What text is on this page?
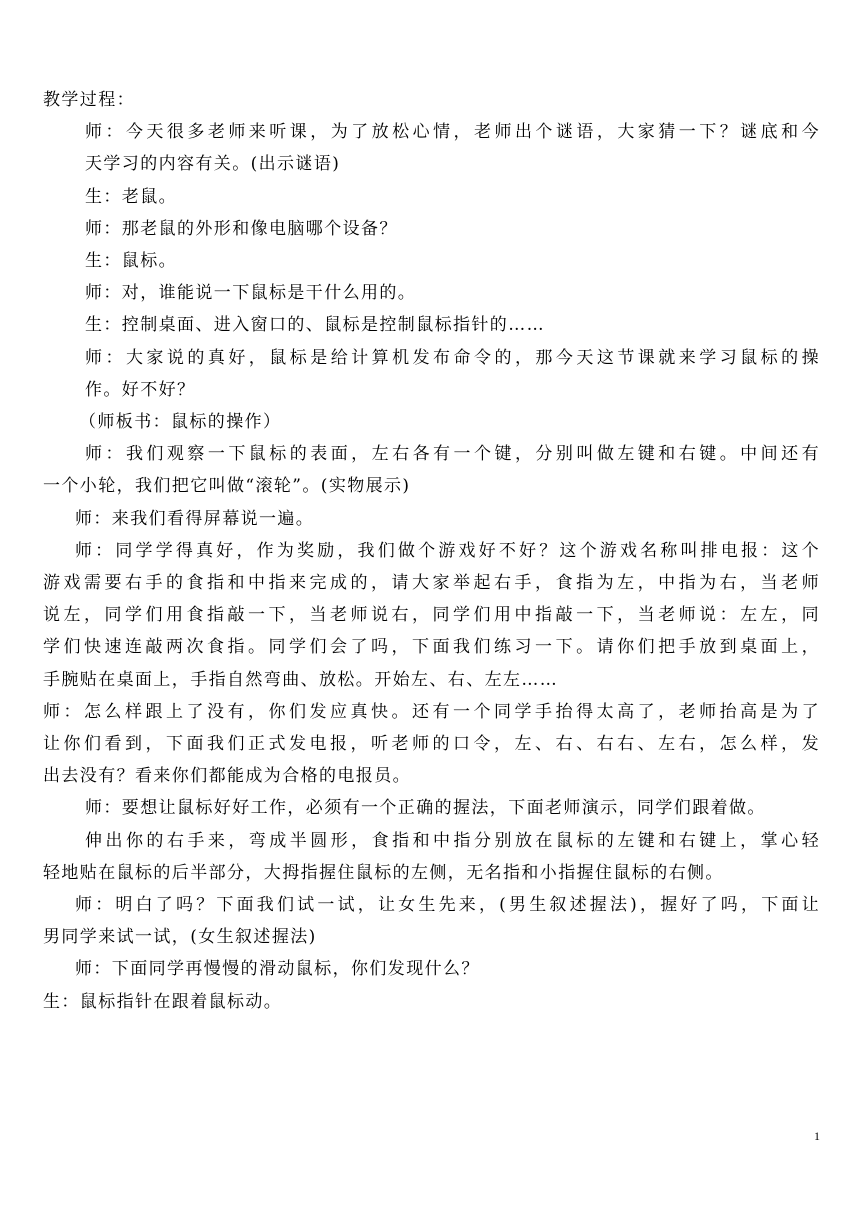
教学过程：

师：今天很多老师来听课，为了放松心情，老师出个谜语，大家猜一下？谜底和今

天学习的内容有关。(出示谜语)

生：老鼠。

师：那老鼠的外形和像电脑哪个设备？

生：鼠标。

师：对，谁能说一下鼠标是干什么用的。

生：控制桌面、进入窗口的、鼠标是控制鼠标指针的……

师：大家说的真好，鼠标是给计算机发布命令的，那今天这节课就来学习鼠标的操

作。好不好？

（师板书：鼠标的操作）

师：我们观察一下鼠标的表面，左右各有一个键，分别叫做左键和右键。中间还有

一个小轮，我们把它叫做“滚轮”。(实物展示)

师：来我们看得屏幕说一遍。

师：同学学得真好，作为奖励，我们做个游戏好不好？这个游戏名称叫排电报：这个

游戏需要右手的食指和中指来完成的，请大家举起右手，食指为左，中指为右，当老师

说左，同学们用食指敲一下，当老师说右，同学们用中指敲一下，当老师说：左左，同

学们快速连敲两次食指。同学们会了吗，下面我们练习一下。请你们把手放到桌面上，

手腕贴在桌面上，手指自然弯曲、放松。开始左、右、左左……

师：怎么样跟上了没有，你们发应真快。还有一个同学手抬得太高了，老师抬高是为了

让你们看到，下面我们正式发电报，听老师的口令，左、右、右右、左右，怎么样，发

出去没有？看来你们都能成为合格的电报员。

师：要想让鼠标好好工作，必须有一个正确的握法，下面老师演示，同学们跟着做。

伸出你的右手来，弯成半圆形，食指和中指分别放在鼠标的左键和右键上，掌心轻

轻地贴在鼠标的后半部分，大拇指握住鼠标的左侧，无名指和小指握住鼠标的右侧。

师：明白了吗？下面我们试一试，让女生先来，(男生叙述握法)，握好了吗，下面让

男同学来试一试，(女生叙述握法)

师：下面同学再慢慢的滑动鼠标，你们发现什么？

生：鼠标指针在跟着鼠标动。

1
